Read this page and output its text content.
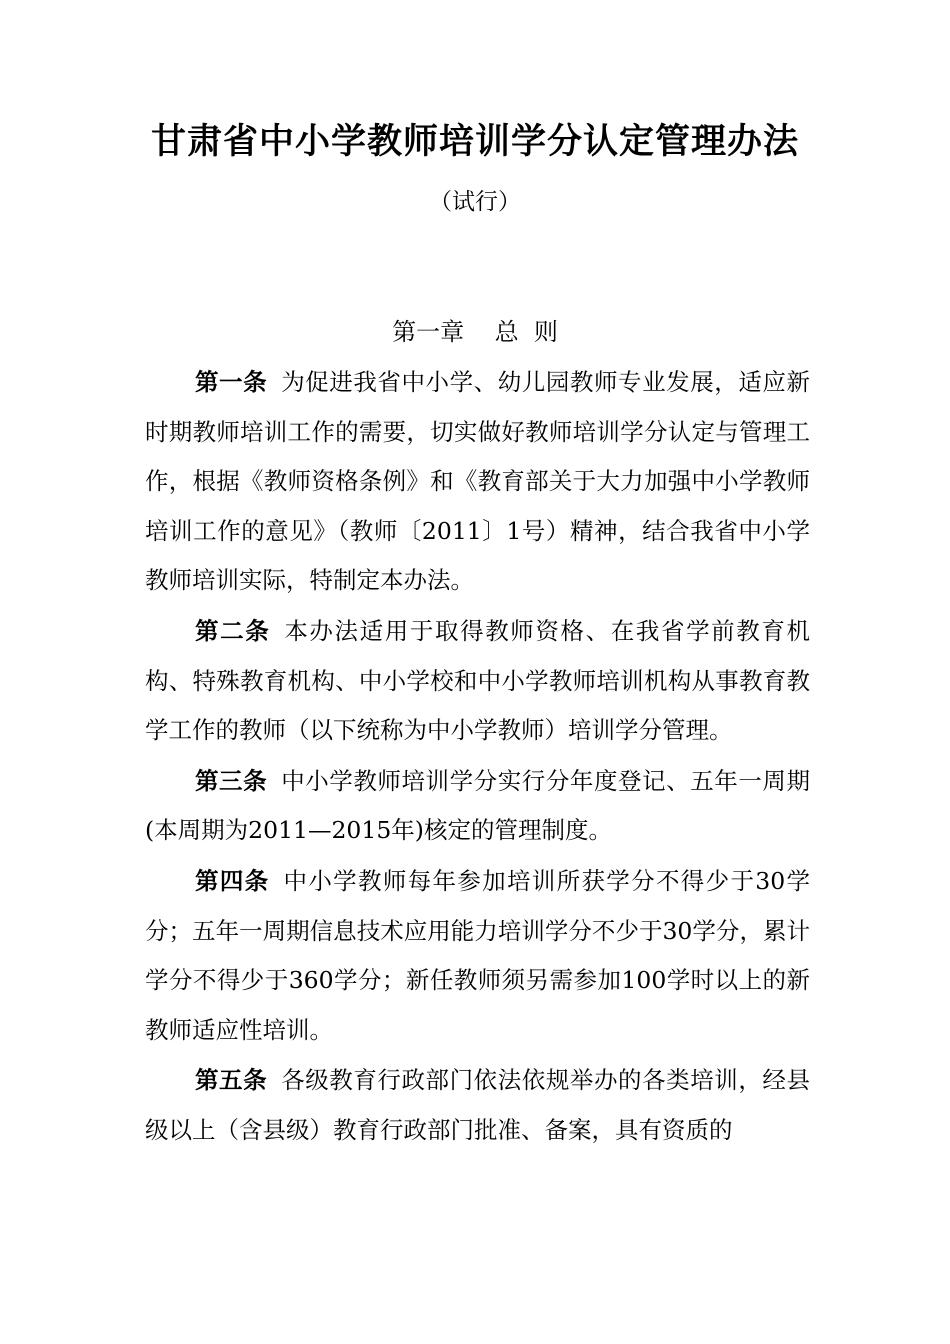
甘肃省中小学教师培训学分认定管理办法
（试行）
第一章    总  则

第一条 为促进我省中小学、幼儿园教师专业发展，适应新时期教师培训工作的需要，切实做好教师培训学分认定与管理工作，根据《教师资格条例》和《教育部关于大力加强中小学教师培训工作的意见》（教师〔2011〕1号）精神，结合我省中小学教师培训实际，特制定本办法。

第二条 本办法适用于取得教师资格、在我省学前教育机构、特殊教育机构、中小学校和中小学教师培训机构从事教育教学工作的教师（以下统称为中小学教师）培训学分管理。

第三条 中小学教师培训学分实行分年度登记、五年一周期(本周期为2011—2015年)核定的管理制度。

第四条 中小学教师每年参加培训所获学分不得少于30学分；五年一周期信息技术应用能力培训学分不少于30学分，累计学分不得少于360学分；新任教师须另需参加100学时以上的新教师适应性培训。

第五条 各级教育行政部门依法依规举办的各类培训，经县级以上（含县级）教育行政部门批准、备案，具有资质的
